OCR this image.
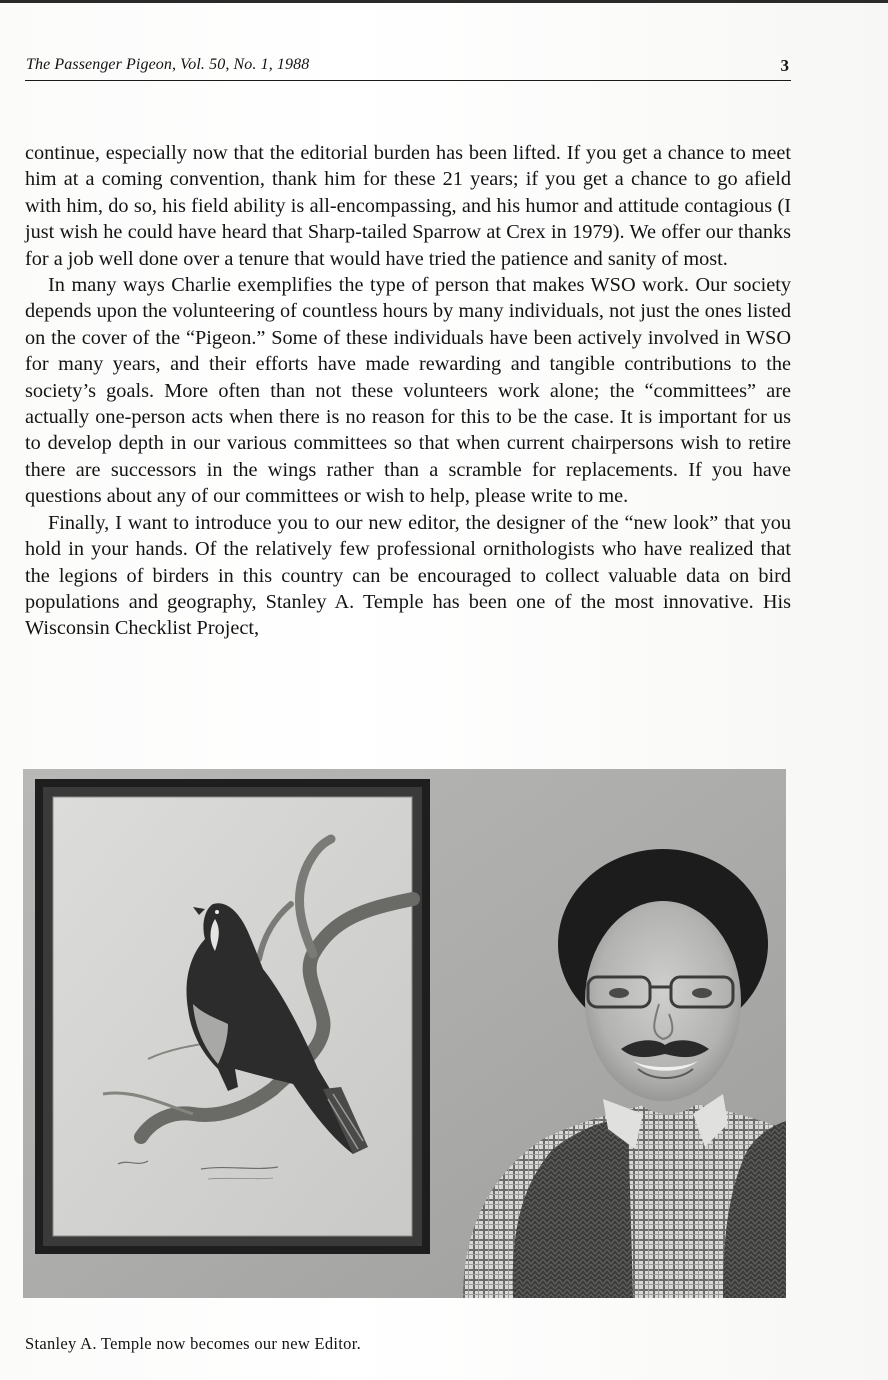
The Passenger Pigeon, Vol. 50, No. 1, 1988	3

continue, especially now that the editorial burden has been lifted. If you get a chance to meet him at a coming convention, thank him for these 21 years; if you get a chance to go afield with him, do so, his field ability is all-encompassing, and his humor and attitude contagious (I just wish he could have heard that Sharp-tailed Sparrow at Crex in 1979). We offer our thanks for a job well done over a tenure that would have tried the patience and sanity of most.

In many ways Charlie exemplifies the type of person that makes WSO work. Our society depends upon the volunteering of countless hours by many individuals, not just the ones listed on the cover of the “Pigeon.” Some of these individuals have been actively involved in WSO for many years, and their efforts have made rewarding and tangible contributions to the society’s goals. More often than not these volunteers work alone; the “committees” are actually one-person acts when there is no reason for this to be the case. It is important for us to develop depth in our various committees so that when current chairpersons wish to retire there are successors in the wings rather than a scramble for replacements. If you have questions about any of our committees or wish to help, please write to me.

Finally, I want to introduce you to our new editor, the designer of the “new look” that you hold in your hands. Of the relatively few professional ornithologists who have realized that the legions of birders in this country can be encouraged to collect valuable data on bird populations and geography, Stanley A. Temple has been one of the most innovative. His Wisconsin Checklist Project,

Stanley A. Temple now becomes our new Editor.
